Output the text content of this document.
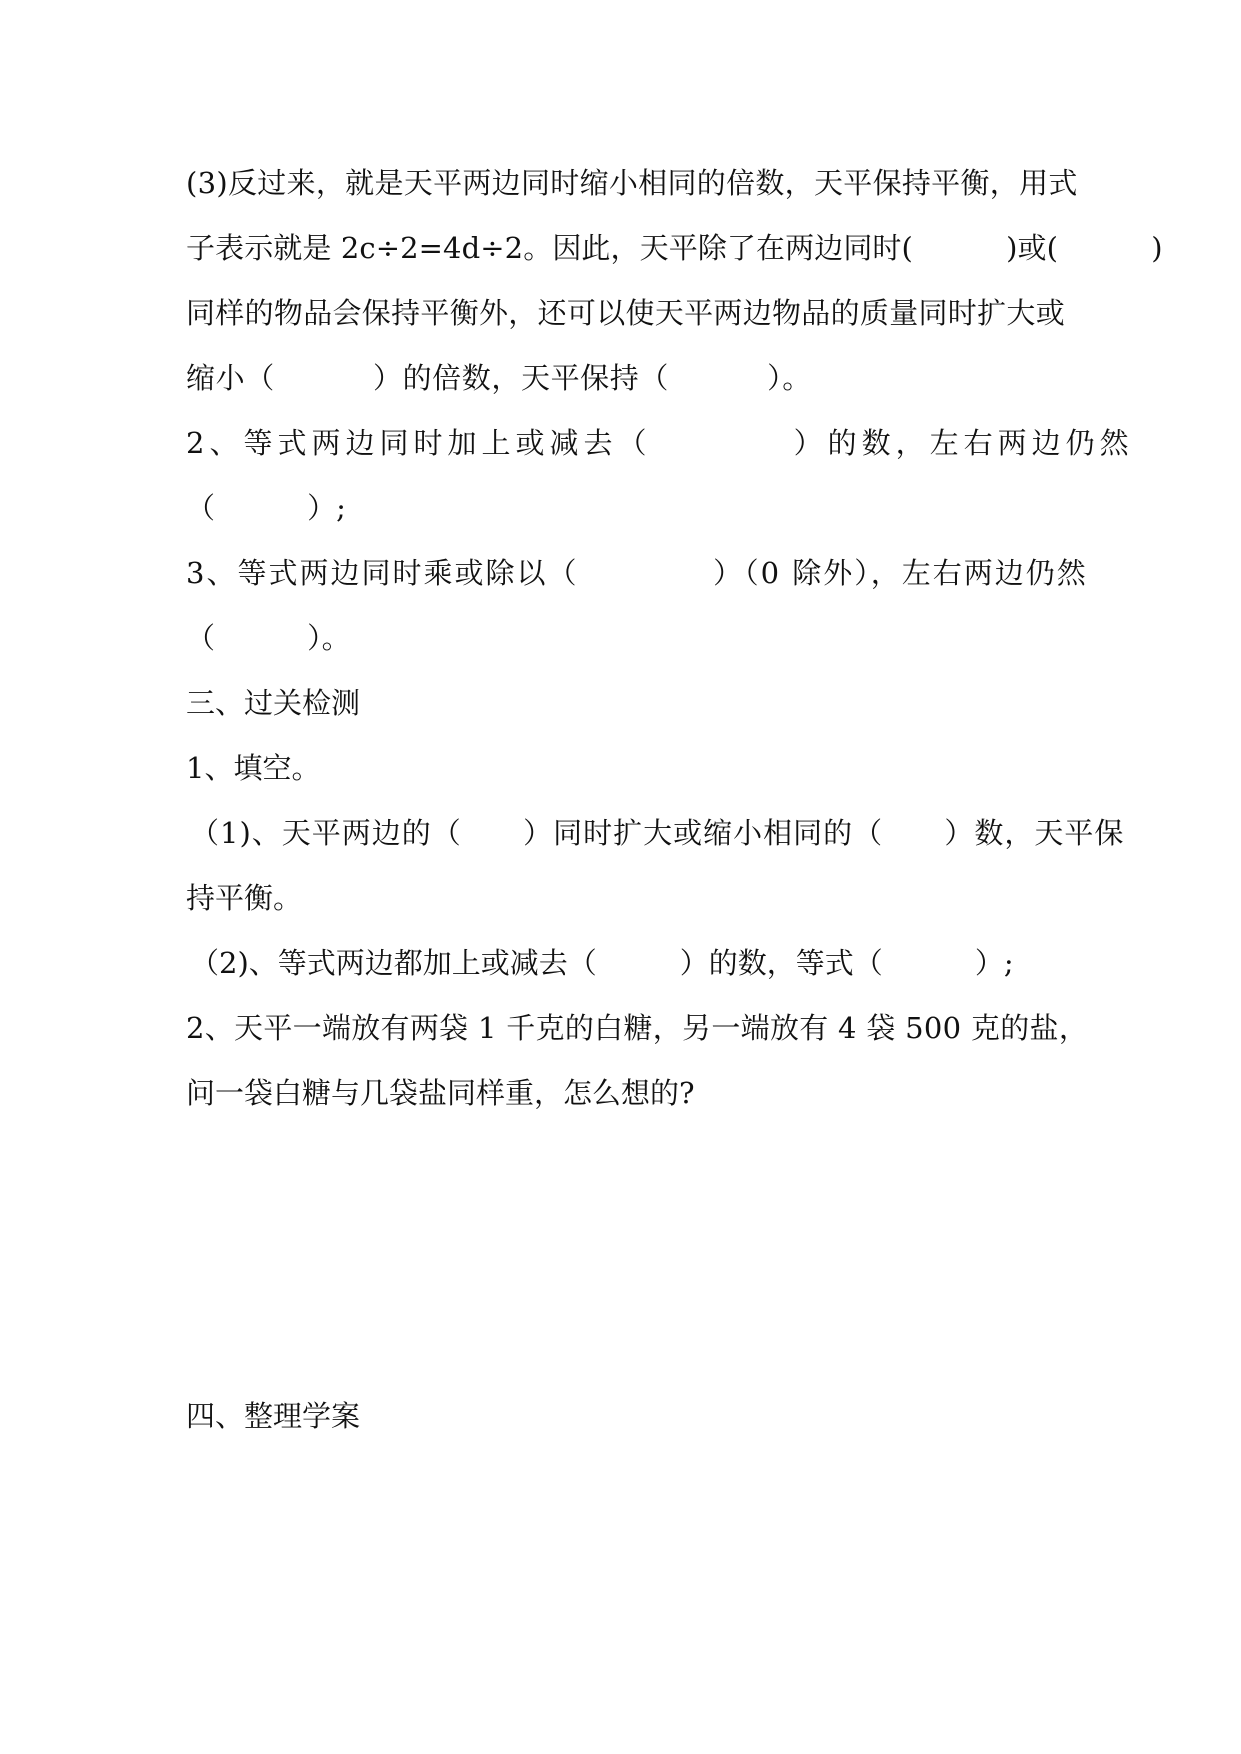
(3)反过来，就是天平两边同时缩小相同的倍数，天平保持平衡，用式
子表示就是 2c÷2=4d÷2。因此，天平除了在两边同时(          )或(          )
同样的物品会保持平衡外，还可以使天平两边物品的质量同时扩大或
缩小（          ）的倍数，天平保持（          ）。
2、等式两边同时加上或减去（          ）的数，左右两边仍然
（          ）;
3、等式两边同时乘或除以（            ）（0 除外），左右两边仍然
（          ）。
三、过关检测
1、填空。
（1)、天平两边的（      ）同时扩大或缩小相同的（      ）数，天平保
持平衡。
（2)、等式两边都加上或减去（         ）的数，等式（          ）;
2、天平一端放有两袋 1 千克的白糖，另一端放有 4 袋 500 克的盐，
问一袋白糖与几袋盐同样重，怎么想的?
四、整理学案
